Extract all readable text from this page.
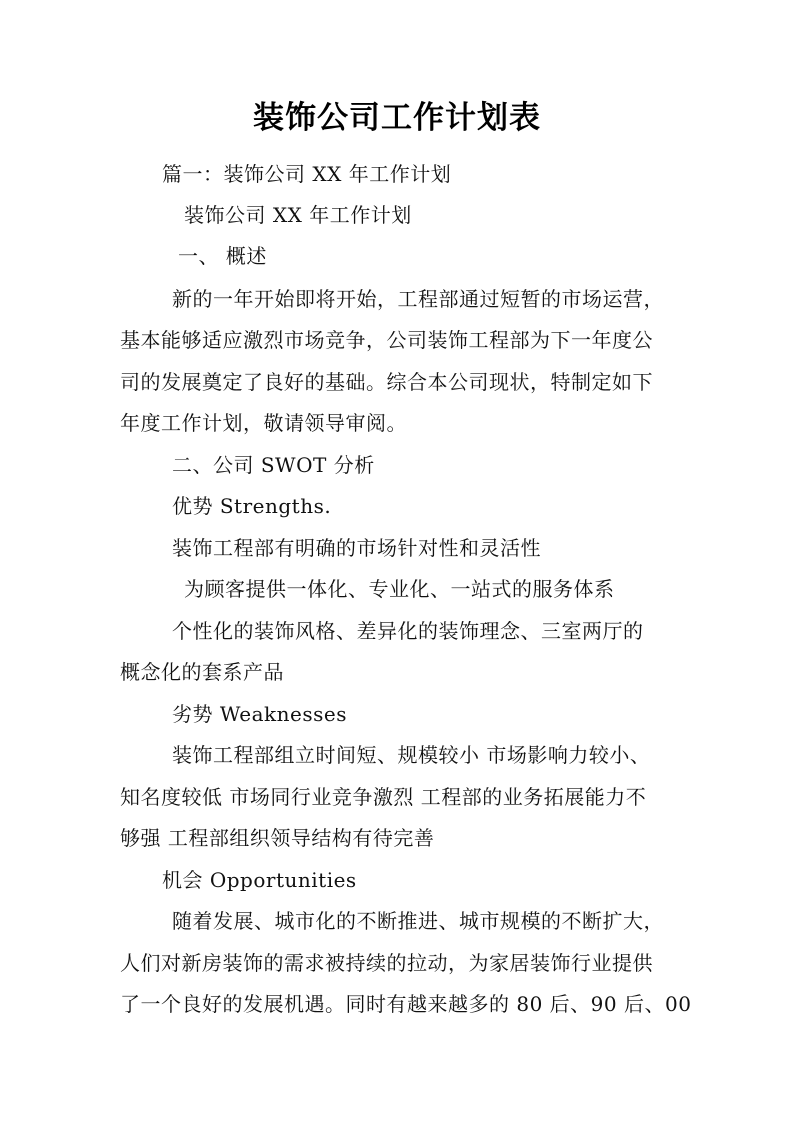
装饰公司工作计划表
篇一：装饰公司 XX 年工作计划
装饰公司 XX 年工作计划
一、 概述
新的一年开始即将开始，工程部通过短暂的市场运营，
基本能够适应激烈市场竞争，公司装饰工程部为下一年度公
司的发展奠定了良好的基础。综合本公司现状，特制定如下
年度工作计划，敬请领导审阅。
二、公司 SWOT 分析
优势 Strengths.
装饰工程部有明确的市场针对性和灵活性
为顾客提供一体化、专业化、一站式的服务体系
个性化的装饰风格、差异化的装饰理念、三室两厅的
概念化的套系产品
劣势 Weaknesses
装饰工程部组立时间短、规模较小 市场影响力较小、
知名度较低 市场同行业竞争激烈 工程部的业务拓展能力不
够强 工程部组织领导结构有待完善
机会 Opportunities
随着发展、城市化的不断推进、城市规模的不断扩大，
人们对新房装饰的需求被持续的拉动，为家居装饰行业提供
了一个良好的发展机遇。同时有越来越多的 80 后、90 后、00
